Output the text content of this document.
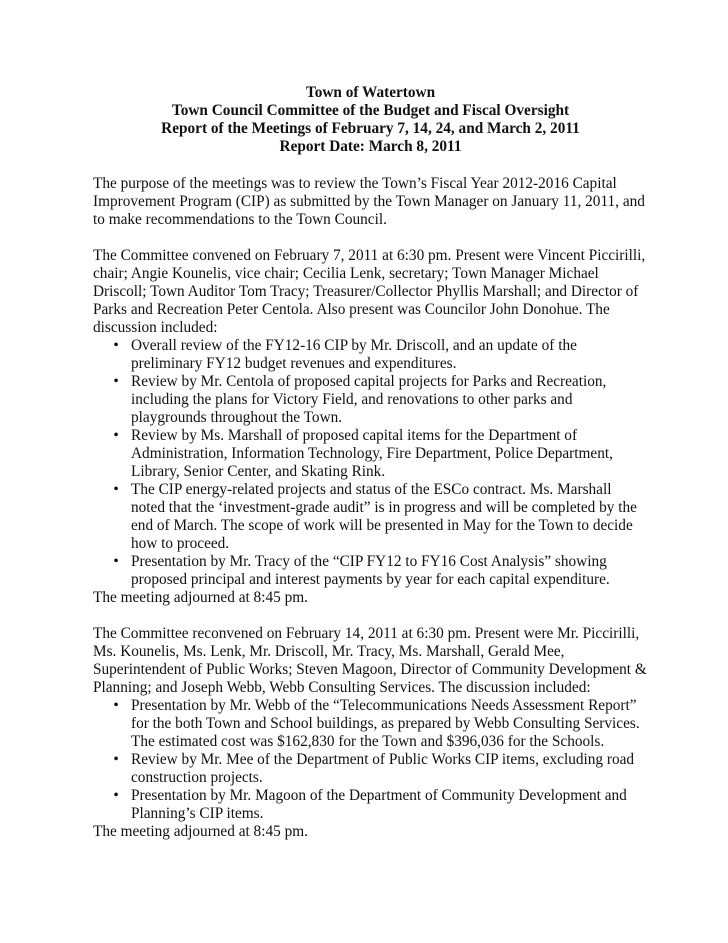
Town of Watertown
Town Council Committee of the Budget and Fiscal Oversight
Report of the Meetings of February 7, 14, 24, and March 2, 2011
Report Date: March 8, 2011

The purpose of the meetings was to review the Town’s Fiscal Year 2012-2016 Capital Improvement Program (CIP) as submitted by the Town Manager on January 11, 2011, and to make recommendations to the Town Council.

The Committee convened on February 7, 2011 at 6:30 pm. Present were Vincent Piccirilli, chair; Angie Kounelis, vice chair; Cecilia Lenk, secretary; Town Manager Michael Driscoll; Town Auditor Tom Tracy; Treasurer/Collector Phyllis Marshall; and Director of Parks and Recreation Peter Centola. Also present was Councilor John Donohue. The discussion included:

• Overall review of the FY12-16 CIP by Mr. Driscoll, and an update of the preliminary FY12 budget revenues and expenditures.
• Review by Mr. Centola of proposed capital projects for Parks and Recreation, including the plans for Victory Field, and renovations to other parks and playgrounds throughout the Town.
• Review by Ms. Marshall of proposed capital items for the Department of Administration, Information Technology, Fire Department, Police Department, Library, Senior Center, and Skating Rink.
• The CIP energy-related projects and status of the ESCo contract. Ms. Marshall noted that the ‘investment-grade audit” is in progress and will be completed by the end of March. The scope of work will be presented in May for the Town to decide how to proceed.
• Presentation by Mr. Tracy of the “CIP FY12 to FY16 Cost Analysis” showing proposed principal and interest payments by year for each capital expenditure.

The meeting adjourned at 8:45 pm.

The Committee reconvened on February 14, 2011 at 6:30 pm. Present were Mr. Piccirilli, Ms. Kounelis, Ms. Lenk, Mr. Driscoll, Mr. Tracy, Ms. Marshall, Gerald Mee, Superintendent of Public Works; Steven Magoon, Director of Community Development & Planning; and Joseph Webb, Webb Consulting Services. The discussion included:

• Presentation by Mr. Webb of the “Telecommunications Needs Assessment Report” for the both Town and School buildings, as prepared by Webb Consulting Services. The estimated cost was $162,830 for the Town and $396,036 for the Schools.
• Review by Mr. Mee of the Department of Public Works CIP items, excluding road construction projects.
• Presentation by Mr. Magoon of the Department of Community Development and Planning’s CIP items.

The meeting adjourned at 8:45 pm.
